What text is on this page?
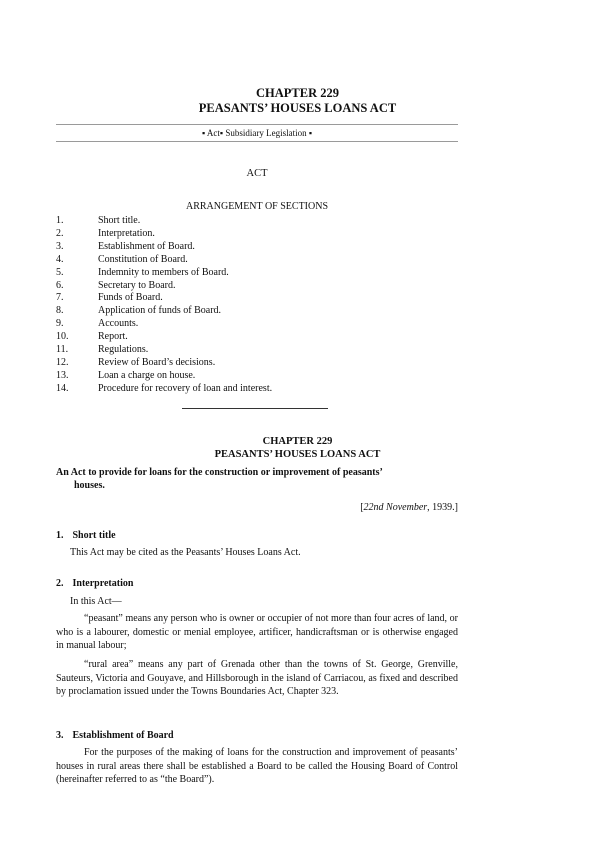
CHAPTER 229
PEASANTS’ HOUSES LOANS ACT
▪ Act▪ Subsidiary Legislation ▪
ACT
ARRANGEMENT OF SECTIONS
1.	Short title.
2.	Interpretation.
3.	Establishment of Board.
4.	Constitution of Board.
5.	Indemnity to members of Board.
6.	Secretary to Board.
7.	Funds of Board.
8.	Application of funds of Board.
9.	Accounts.
10.	Report.
11.	Regulations.
12.	Review of Board’s decisions.
13.	Loan a charge on house.
14.	Procedure for recovery of loan and interest.
CHAPTER 229
PEASANTS’ HOUSES LOANS ACT
An Act to provide for loans for the construction or improvement of peasants’
houses.
[22nd November, 1939.]
1. Short title
This Act may be cited as the Peasants’ Houses Loans Act.
2. Interpretation
In this Act—
“peasant” means any person who is owner or occupier of not more than four acres of land, or who is a labourer, domestic or menial employee, artificer, handicraftsman or is otherwise engaged in manual labour;
“rural area” means any part of Grenada other than the towns of St. George, Grenville, Sauteurs, Victoria and Gouyave, and Hillsborough in the island of Carriacou, as fixed and described by proclamation issued under the Towns Boundaries Act, Chapter 323.
3. Establishment of Board
For the purposes of the making of loans for the construction and improvement of peasants’ houses in rural areas there shall be established a Board to be called the Housing Board of Control (hereinafter referred to as “the Board”).
